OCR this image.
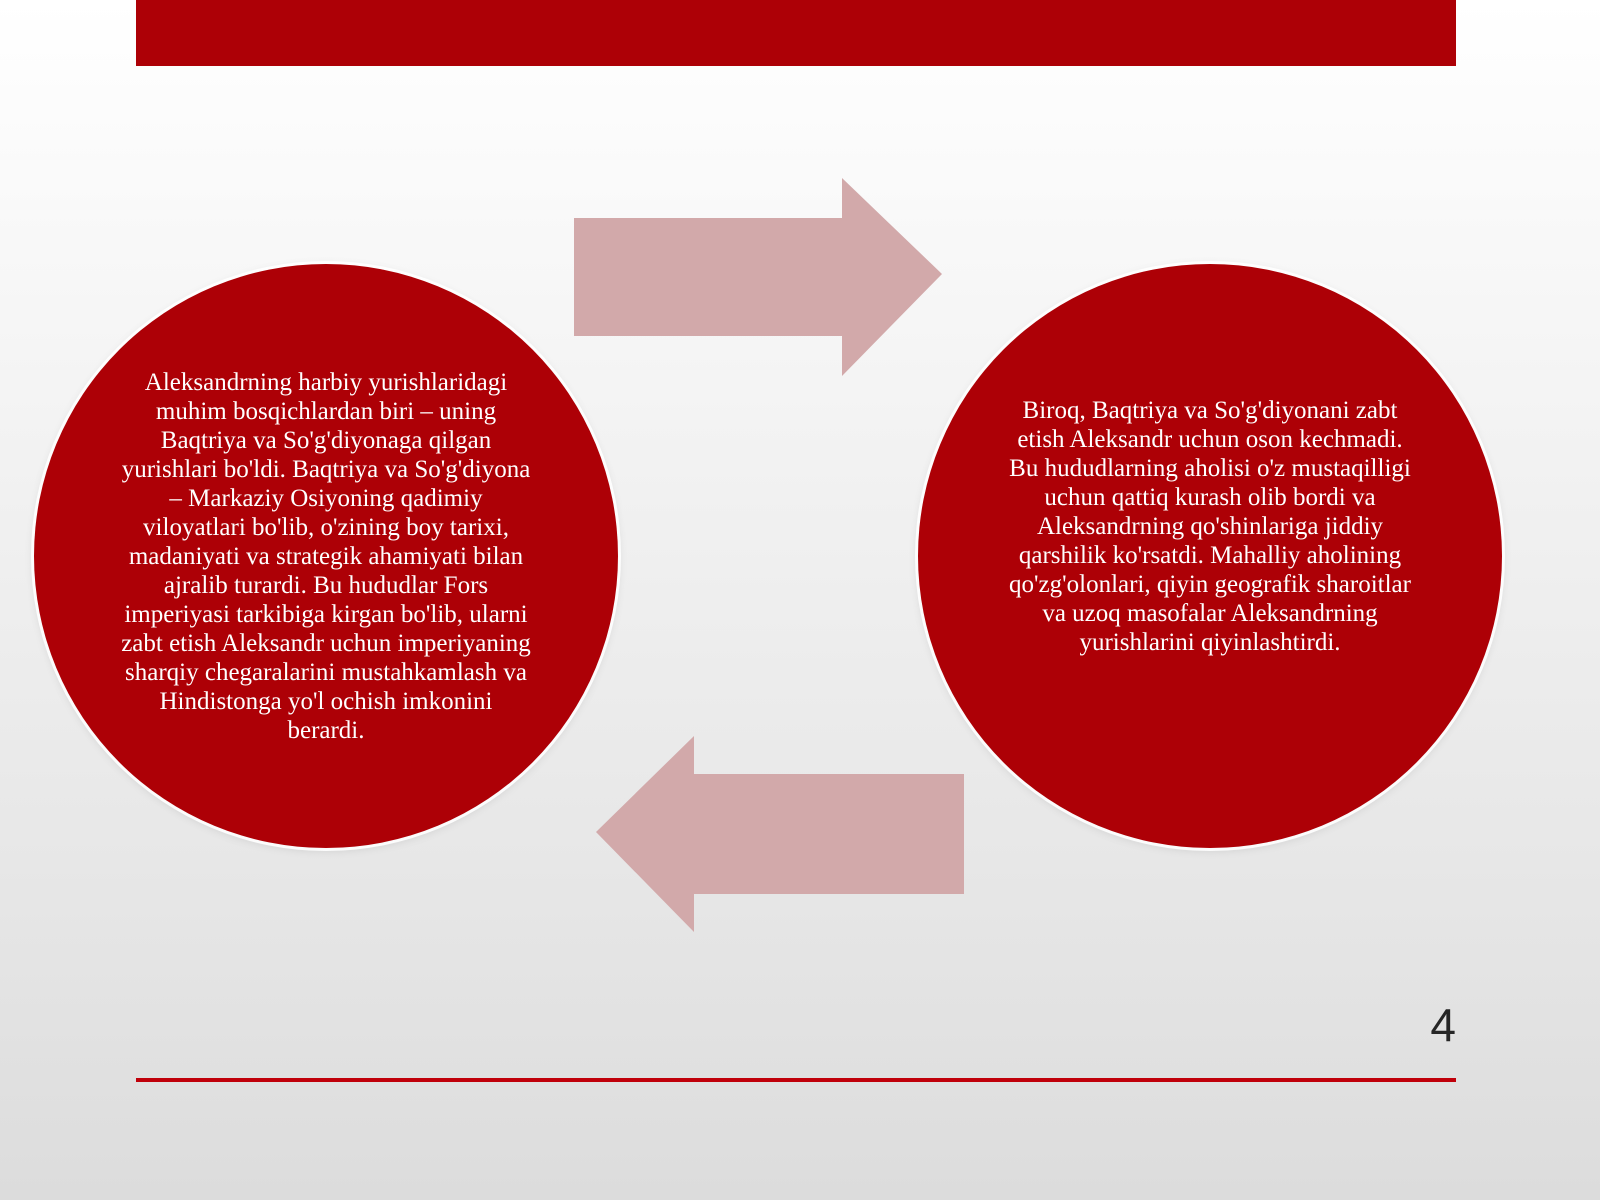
Aleksandrning harbiy yurishlaridagi muhim bosqichlardan biri – uning Baqtriya va So'g'diyonaga qilgan yurishlari bo'ldi. Baqtriya va So'g'diyona – Markaziy Osiyoning qadimiy viloyatlari bo'lib, o'zining boy tarixi, madaniyati va strategik ahamiyati bilan ajralib turardi. Bu hududlar Fors imperiyasi tarkibiga kirgan bo'lib, ularni zabt etish Aleksandr uchun imperiyaning sharqiy chegaralarini mustahkamlash va Hindistonga yo'l ochish imkonini berardi.

Biroq, Baqtriya va So'g'diyonani zabt etish Aleksandr uchun oson kechmadi. Bu hududlarning aholisi o'z mustaqilligi uchun qattiq kurash olib bordi va Aleksandrning qo'shinlariga jiddiy qarshilik ko'rsatdi. Mahalliy aholining qo'zg'olonlari, qiyin geografik sharoitlar va uzoq masofalar Aleksandrning yurishlarini qiyinlashtirdi.

4
